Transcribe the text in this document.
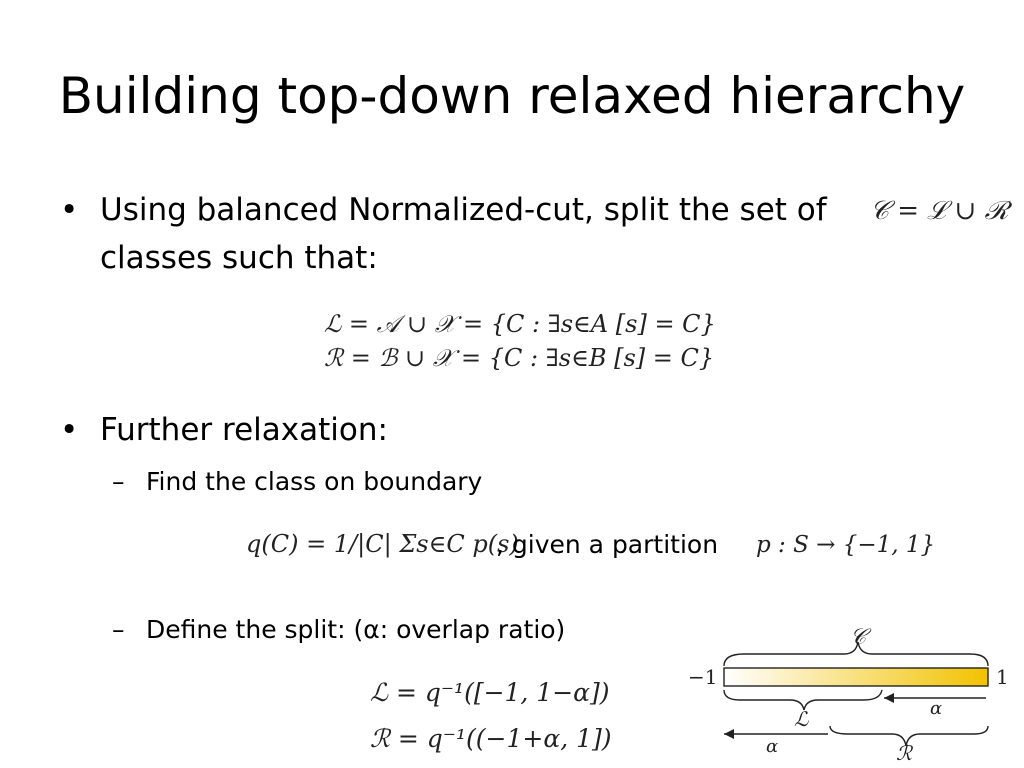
Building top-down relaxed hierarchy
• Using balanced Normalized-cut, split the set of
classes such that:
𝒞 = ℒ ∪ ℛ
ℒ = 𝒜 ∪ 𝒳 = {C : ∃s∈A [s] = C}
ℛ = ℬ ∪ 𝒳 = {C : ∃s∈B [s] = C}
• Further relaxation:
– Find the class on boundary
q(C) = 1/|C| Σs∈C p(s)
, given a partition p : S → {−1, 1}
– Define the split: (α: overlap ratio)
ℒ = q⁻¹([−1, 1−α])
ℛ = q⁻¹((−1+α, 1])
𝒞
−1	1
ℒ	α
α	ℛ
